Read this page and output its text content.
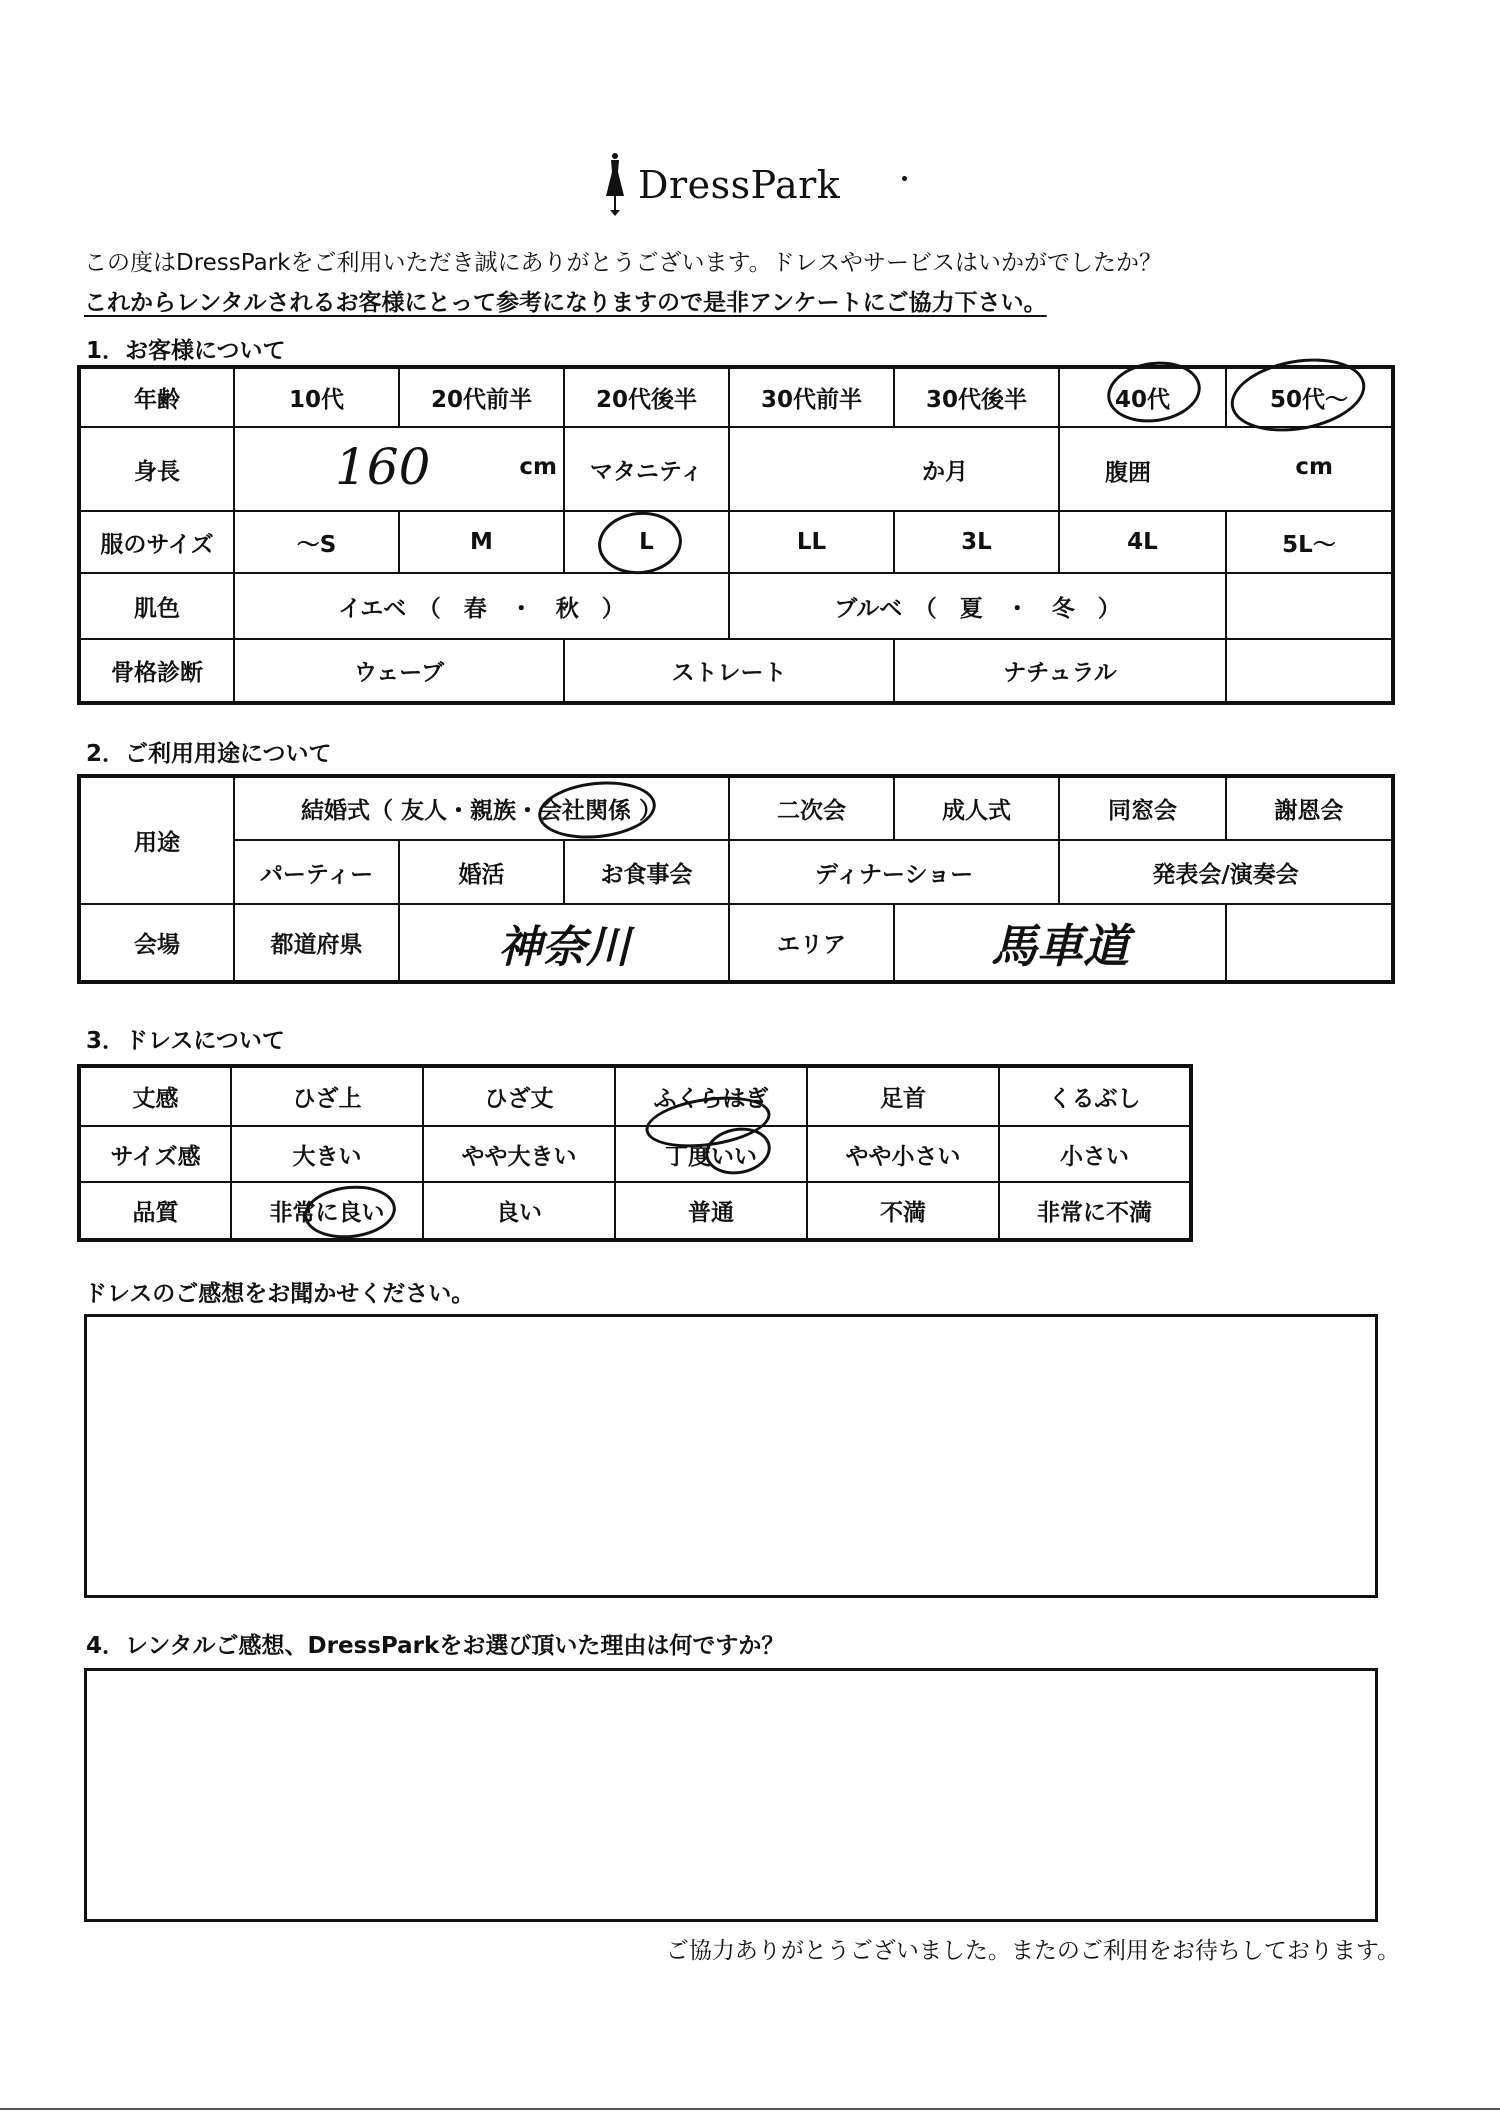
DressPark
この度はDressParkをご利用いただき誠にありがとうございます。ドレスやサービスはいかがでしたか？
これからレンタルされるお客様にとって参考になりますので是非アンケートにご協力下さい。
1．お客様について
年齢	10代	20代前半	20代後半	30代前半	30代後半	40代	50代～
身長	160 cm		マタニティ	か月		腹囲 cm	

服のサイズ	～S	M	L	LL	3L	4L	5L～
肌色	イエベ　（　春　・　秋　）			ブルベ　（　夏　・　冬　）			
骨格診断	ウェーブ		ストレート		ナチュラル		
2．ご利用用途について
用途	結婚式（ 友人・親族・会社関係 ）			二次会	成人式	同窓会	謝恩会
	パーティー	婚活	お食事会	ディナーショー		発表会/演奏会	
会場	都道府県	神奈川		エリア	馬車道		
3．ドレスについて
丈感	ひざ上	ひざ丈	ふくらはぎ	足首	くるぶし
サイズ感	大きい	やや大きい	丁度いい	やや小さい	小さい
品質	非常に良い	良い	普通	不満	非常に不満
ドレスのご感想をお聞かせください。
4．レンタルご感想、DressParkをお選び頂いた理由は何ですか？
ご協力ありがとうございました。またのご利用をお待ちしております。
